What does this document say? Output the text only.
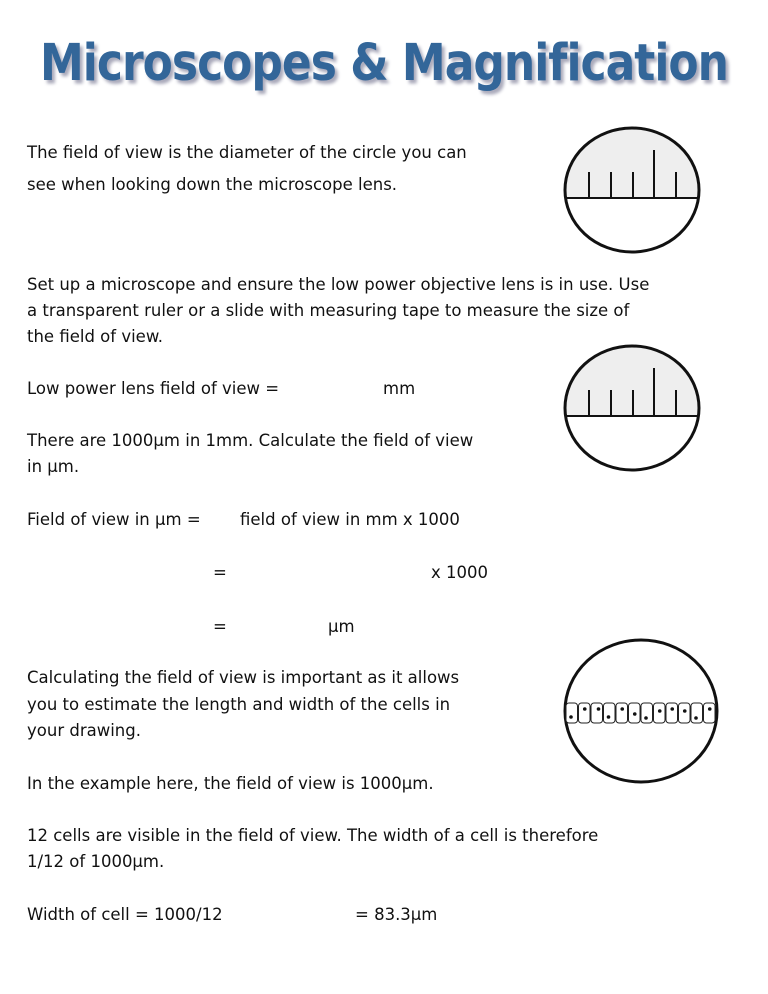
Microscopes & Magnification
The field of view is the diameter of the circle you can
see when looking down the microscope lens.
Set up a microscope and ensure the low power objective lens is in use. Use
a transparent ruler or a slide with measuring tape to measure the size of
the field of view.
Low power lens field of view =	mm
There are 1000μm in 1mm. Calculate the field of view
in μm.
Field of view in μm = field of view in mm x 1000
=	x 1000
=	μm
Calculating the field of view is important as it allows
you to estimate the length and width of the cells in
your drawing.
In the example here, the field of view is 1000μm.
12 cells are visible in the field of view. The width of a cell is therefore
1/12 of 1000μm.
Width of cell = 1000/12	= 83.3μm
